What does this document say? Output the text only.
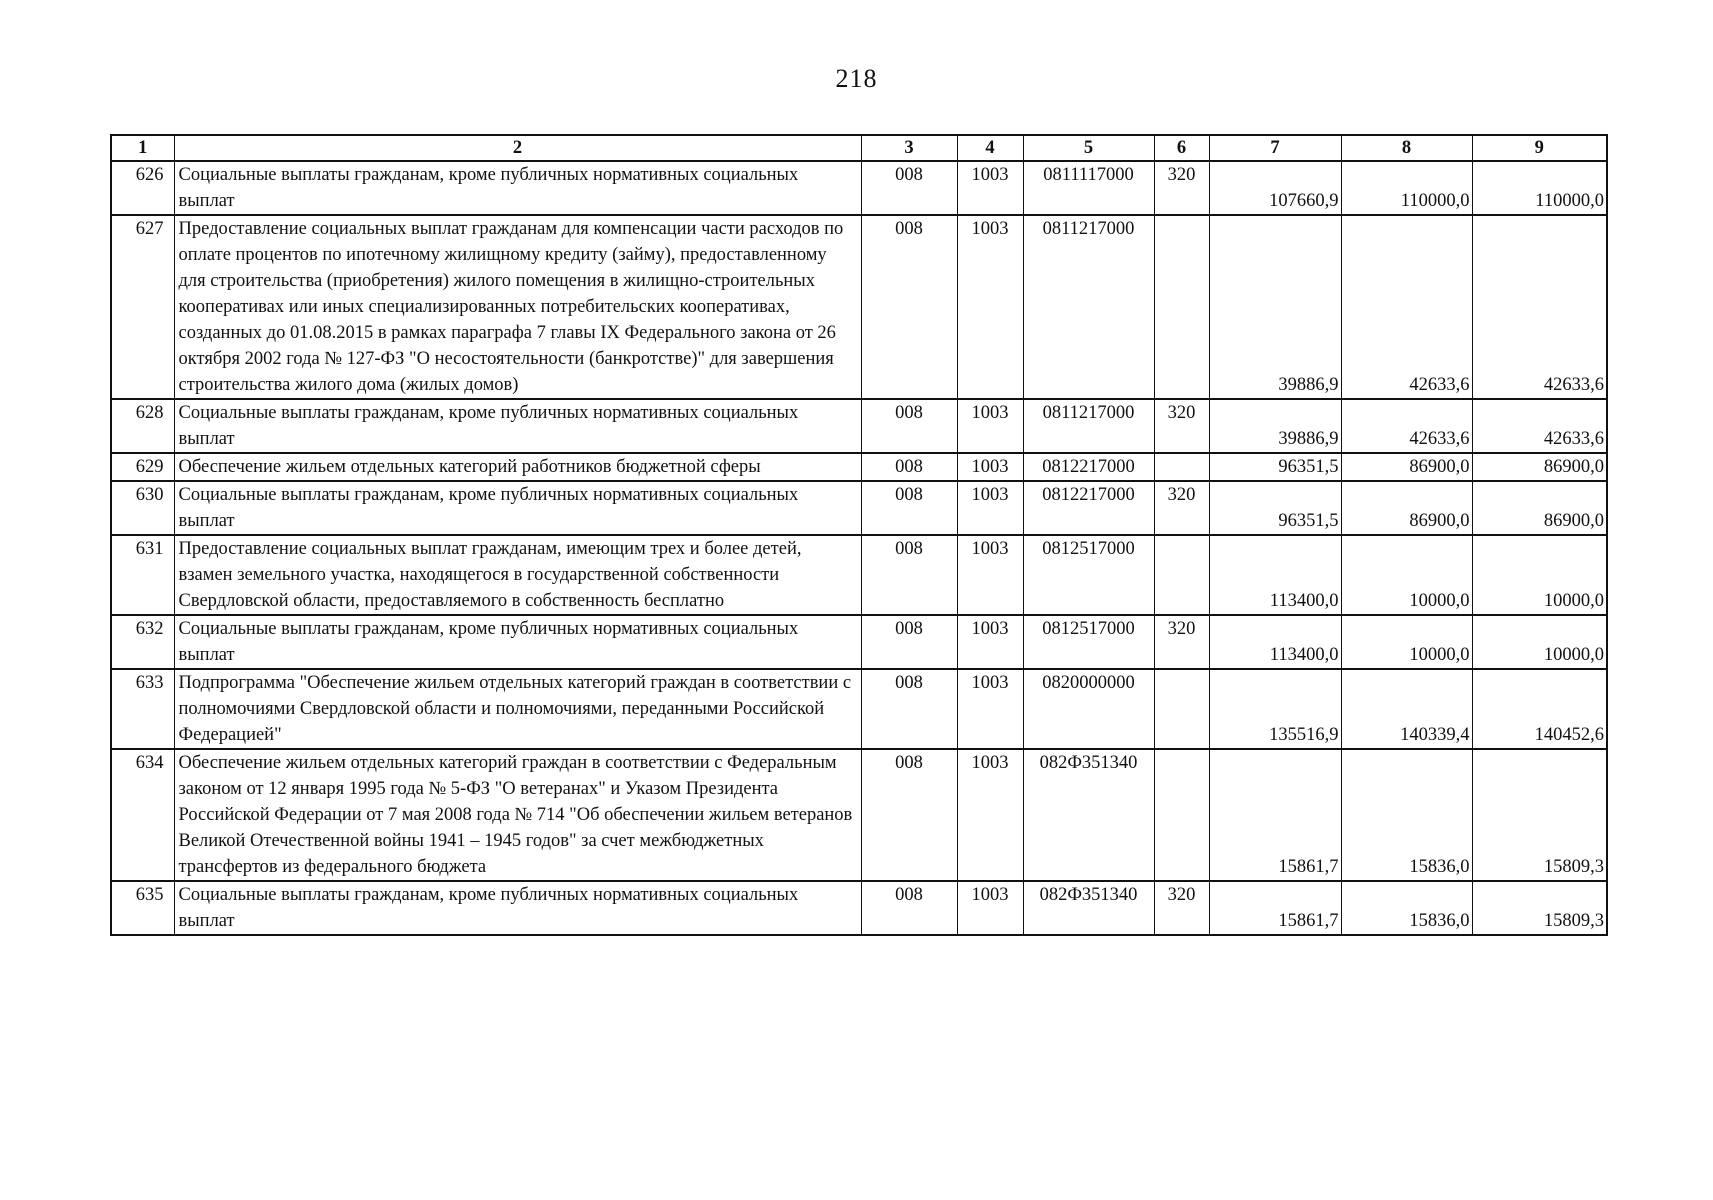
218
1	2	3	4	5	6	7	8	9
626	Социальные выплаты гражданам, кроме публичных нормативных социальных выплат	008	1003	0811117000	320	107660,9	110000,0	110000,0
627	Предоставление социальных выплат гражданам для компенсации части расходов по оплате процентов по ипотечному жилищному кредиту (займу), предоставленному для строительства (приобретения) жилого помещения в жилищно-строительных кооперативах или иных специализированных потребительских кооперативах, созданных до 01.08.2015 в рамках параграфа 7 главы IX Федерального закона от 26 октября 2002 года № 127-ФЗ "О несостоятельности (банкротстве)" для завершения строительства жилого дома (жилых домов)	008	1003	0811217000		39886,9	42633,6	42633,6
628	Социальные выплаты гражданам, кроме публичных нормативных социальных выплат	008	1003	0811217000	320	39886,9	42633,6	42633,6
629	Обеспечение жильем отдельных категорий работников бюджетной сферы	008	1003	0812217000		96351,5	86900,0	86900,0
630	Социальные выплаты гражданам, кроме публичных нормативных социальных выплат	008	1003	0812217000	320	96351,5	86900,0	86900,0
631	Предоставление социальных выплат гражданам, имеющим трех и более детей, взамен земельного участка, находящегося в государственной собственности Свердловской области, предоставляемого в собственность бесплатно	008	1003	0812517000		113400,0	10000,0	10000,0
632	Социальные выплаты гражданам, кроме публичных нормативных социальных выплат	008	1003	0812517000	320	113400,0	10000,0	10000,0
633	Подпрограмма "Обеспечение жильем отдельных категорий граждан в соответствии с полномочиями Свердловской области и полномочиями, переданными Российской Федерацией"	008	1003	0820000000		135516,9	140339,4	140452,6
634	Обеспечение жильем отдельных категорий граждан в соответствии с Федеральным законом от 12 января 1995 года № 5-ФЗ "О ветеранах" и Указом Президента Российской Федерации от 7 мая 2008 года № 714 "Об обеспечении жильем ветеранов Великой Отечественной войны 1941 – 1945 годов" за счет межбюджетных трансфертов из федерального бюджета	008	1003	082Ф351340		15861,7	15836,0	15809,3
635	Социальные выплаты гражданам, кроме публичных нормативных социальных выплат	008	1003	082Ф351340	320	15861,7	15836,0	15809,3
